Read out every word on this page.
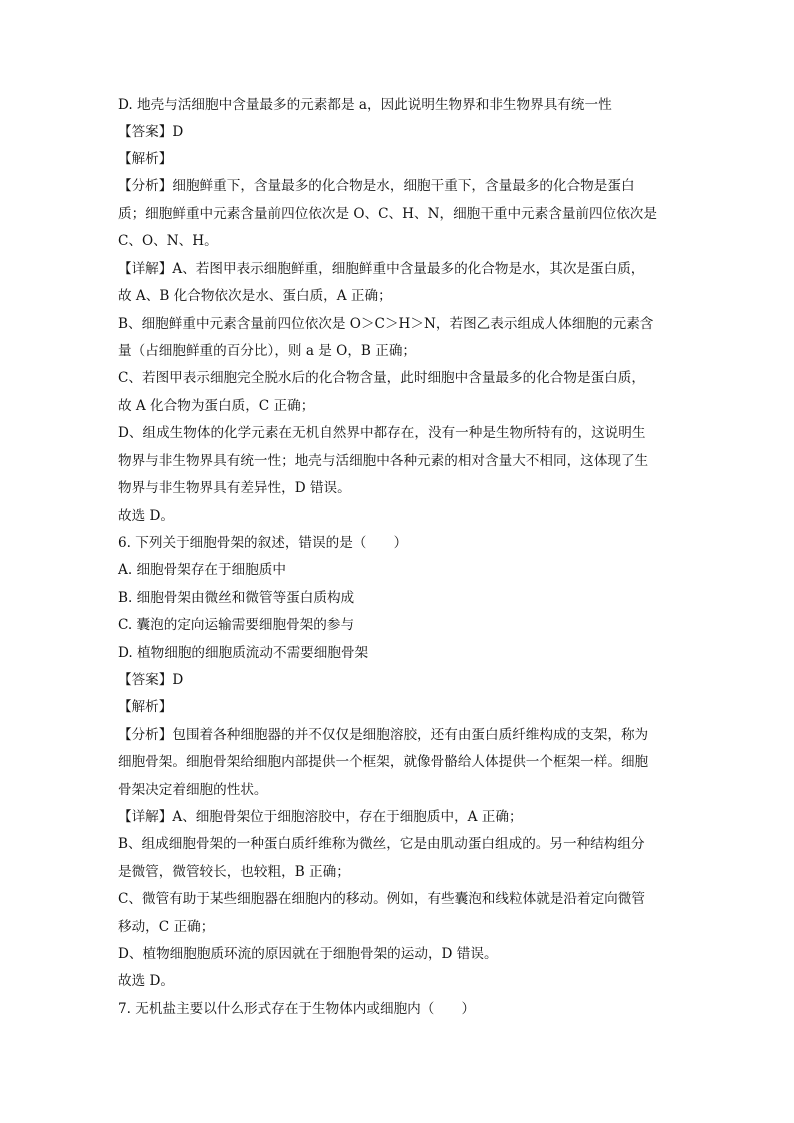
D. 地壳与活细胞中含量最多的元素都是 a，因此说明生物界和非生物界具有统一性
【答案】D
【解析】
【分析】细胞鲜重下，含量最多的化合物是水，细胞干重下，含量最多的化合物是蛋白
质；细胞鲜重中元素含量前四位依次是 O、C、H、N，细胞干重中元素含量前四位依次是
C、O、N、H。
【详解】A、若图甲表示细胞鲜重，细胞鲜重中含量最多的化合物是水，其次是蛋白质，
故 A、B 化合物依次是水、蛋白质，A 正确；
B、细胞鲜重中元素含量前四位依次是 O＞C＞H＞N，若图乙表示组成人体细胞的元素含
量（占细胞鲜重的百分比），则 a 是 O，B 正确；
C、若图甲表示细胞完全脱水后的化合物含量，此时细胞中含量最多的化合物是蛋白质，
故 A 化合物为蛋白质，C 正确；
D、组成生物体的化学元素在无机自然界中都存在，没有一种是生物所特有的，这说明生
物界与非生物界具有统一性；地壳与活细胞中各种元素的相对含量大不相同，这体现了生
物界与非生物界具有差异性，D 错误。
故选 D。
6. 下列关于细胞骨架的叙述，错误的是（　　）
A. 细胞骨架存在于细胞质中
B. 细胞骨架由微丝和微管等蛋白质构成
C. 囊泡的定向运输需要细胞骨架的参与
D. 植物细胞的细胞质流动不需要细胞骨架
【答案】D
【解析】
【分析】包围着各种细胞器的并不仅仅是细胞溶胶，还有由蛋白质纤维构成的支架，称为
细胞骨架。细胞骨架给细胞内部提供一个框架，就像骨骼给人体提供一个框架一样。细胞
骨架决定着细胞的性状。
【详解】A、细胞骨架位于细胞溶胶中，存在于细胞质中，A 正确；
B、组成细胞骨架的一种蛋白质纤维称为微丝，它是由肌动蛋白组成的。另一种结构组分
是微管，微管较长，也较粗，B 正确；
C、微管有助于某些细胞器在细胞内的移动。例如，有些囊泡和线粒体就是沿着定向微管
移动，C 正确；
D、植物细胞胞质环流的原因就在于细胞骨架的运动，D 错误。
故选 D。
7. 无机盐主要以什么形式存在于生物体内或细胞内（　　）
